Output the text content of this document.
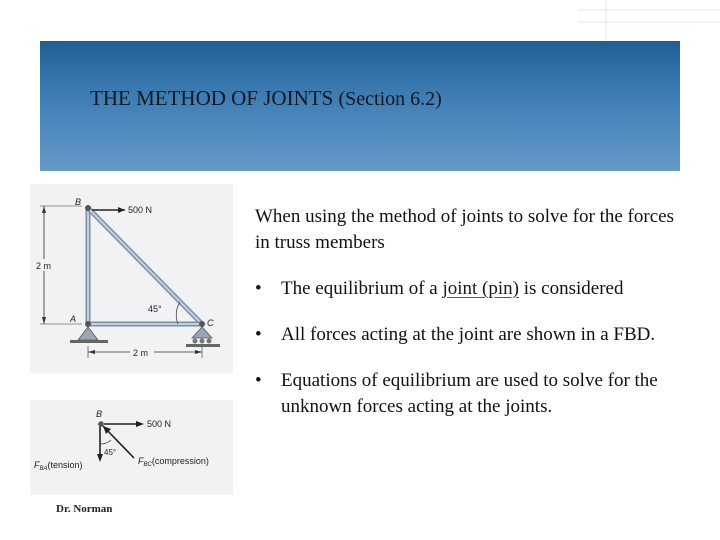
THE METHOD OF JOINTS (Section 6.2)
2 m
500 N
45°
B
A	C
2 m
B
500 N
45°
$F_{BA}(tension)$	$F_{BC}(compression)$
When using the method of joints to solve for the forces in truss members
• The equilibrium of a joint (pin) is considered
• All forces acting at the joint are shown in a FBD.
• Equations of equilibrium are used to solve for the unknown forces acting at the joints.
Dr. Norman
